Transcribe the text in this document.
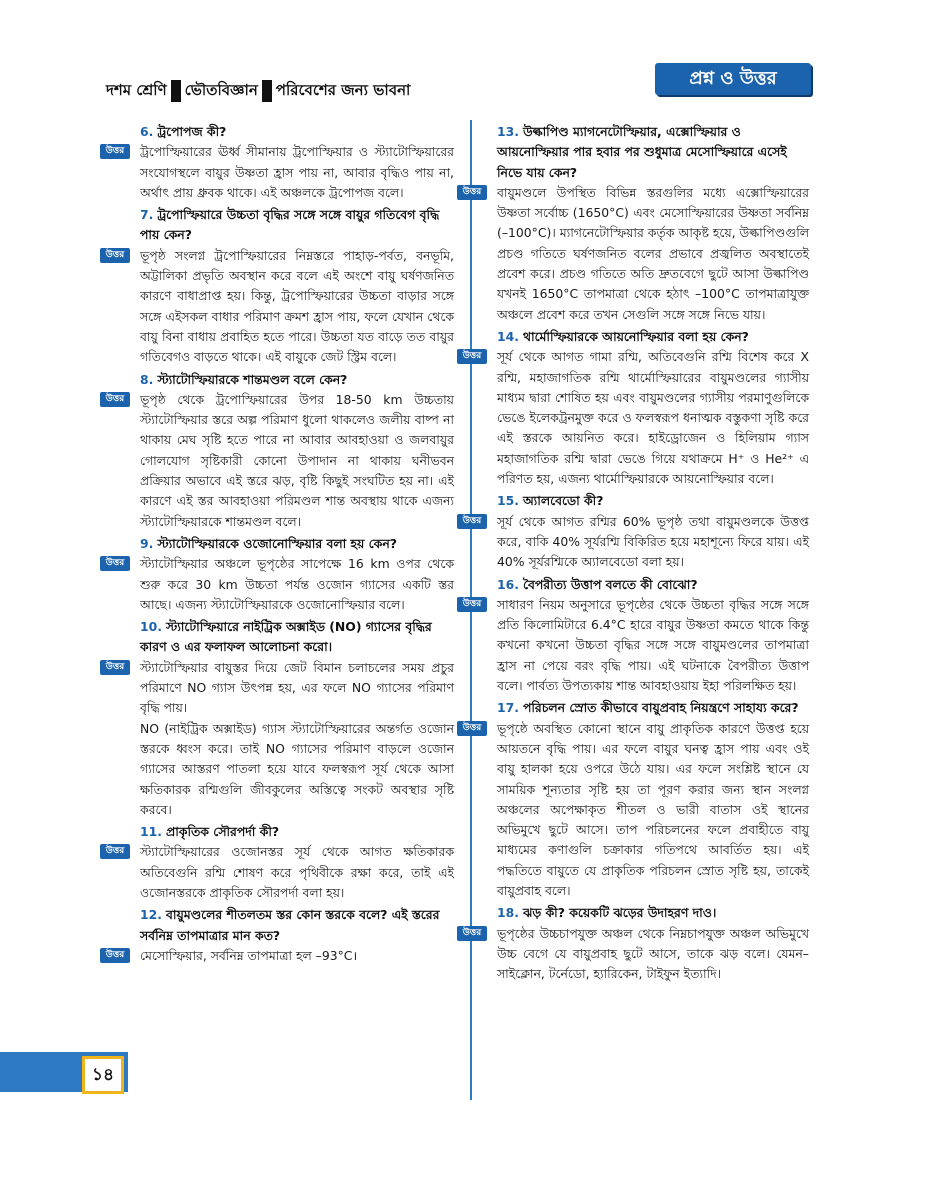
দশম শ্রেণি ভৌতবিজ্ঞান পরিবেশের জন্য ভাবনা
প্রশ্ন ও উত্তর
6. ট্রপোপজ কী?
উত্তর	ট্রপোস্ফিয়ারের ঊর্ধ্ব সীমানায় ট্রপোস্ফিয়ার ও স্ট্যাটোস্ফিয়ারের সংযোগস্থলে বায়ুর উষ্ণতা হ্রাস পায় না, আবার বৃদ্ধিও পায় না, অর্থাৎ প্রায় ধ্রুবক থাকে। এই অঞ্চলকে ট্রপোপজ বলে।

7. ট্রপোস্ফিয়ারে উচ্চতা বৃদ্ধির সঙ্গে সঙ্গে বায়ুর গতিবেগ বৃদ্ধি পায় কেন?
উত্তর	ভূপৃষ্ঠ সংলগ্ন ট্রপোস্ফিয়ারের নিম্নস্তরে পাহাড়-পর্বত, বনভূমি, অট্টালিকা প্রভৃতি অবস্থান করে বলে এই অংশে বায়ু ঘর্ষণজনিত কারণে বাধাপ্রাপ্ত হয়। কিন্তু, ট্রপোস্ফিয়ারের উচ্চতা বাড়ার সঙ্গে সঙ্গে এইসকল বাধার পরিমাণ ক্রমশ হ্রাস পায়, ফলে যেখান থেকে বায়ু বিনা বাধায় প্রবাহিত হতে পারে। উচ্চতা যত বাড়ে তত বায়ুর গতিবেগও বাড়তে থাকে। এই বায়ুকে জেট স্ট্রিম বলে।

8. স্ট্যাটোস্ফিয়ারকে শান্তমণ্ডল বলে কেন?
উত্তর	ভূপৃষ্ঠ থেকে ট্রপোস্ফিয়ারের উপর 18-50 km উচ্চতায় স্ট্যাটোস্ফিয়ার স্তরে অল্প পরিমাণ ধুলো থাকলেও জলীয় বাষ্প না থাকায় মেঘ সৃষ্টি হতে পারে না আবার আবহাওয়া ও জলবায়ুর গোলযোগ সৃষ্টিকারী কোনো উপাদান না থাকায় ঘনীভবন প্রক্রিয়ার অভাবে এই স্তরে ঝড়, বৃষ্টি কিছুই সংঘটিত হয় না। এই কারণে এই স্তর আবহাওয়া পরিমণ্ডল শান্ত অবস্থায় থাকে এজন্য স্ট্যাটোস্ফিয়ারকে শান্তমণ্ডল বলে।

9. স্ট্যাটোস্ফিয়ারকে ওজোনোস্ফিয়ার বলা হয় কেন?
উত্তর	স্ট্যাটোস্ফিয়ার অঞ্চলে ভূপৃষ্ঠের সাপেক্ষে 16 km ওপর থেকে শুরু করে 30 km উচ্চতা পর্যন্ত ওজোন গ্যাসের একটি স্তর আছে। এজন্য স্ট্যাটোস্ফিয়ারকে ওজোনোস্ফিয়ার বলে।

10. স্ট্যাটোস্ফিয়ারে নাইট্রিক অক্সাইড (NO) গ্যাসের বৃদ্ধির কারণ ও এর ফলাফল আলোচনা করো।
উত্তর	স্ট্যাটোস্ফিয়ার বায়ুস্তর দিয়ে জেট বিমান চলাচলের সময় প্রচুর পরিমাণে NO গ্যাস উৎপন্ন হয়, এর ফলে NO গ্যাসের পরিমাণ বৃদ্ধি পায়।

NO (নাইট্রিক অক্সাইড) গ্যাস স্ট্যাটোস্ফিয়ারের অন্তর্গত ওজোন স্তরকে ধ্বংস করে। তাই NO গ্যাসের পরিমাণ বাড়লে ওজোন গ্যাসের আস্তরণ পাতলা হয়ে যাবে ফলস্বরূপ সূর্য থেকে আসা ক্ষতিকারক রশ্মিগুলি জীবকুলের অস্তিত্বে সংকট অবস্থার সৃষ্টি করবে।

11. প্রাকৃতিক সৌরপর্দা কী?
উত্তর	স্ট্যাটোস্ফিয়ারের ওজোনস্তর সূর্য থেকে আগত ক্ষতিকারক অতিবেগুনি রশ্মি শোষণ করে পৃথিবীকে রক্ষা করে, তাই এই ওজোনস্তরকে প্রাকৃতিক সৌরপর্দা বলা হয়।

12. বায়ুমণ্ডলের শীতলতম স্তর কোন স্তরকে বলে? এই স্তরের সর্বনিম্ন তাপমাত্রার মান কত?
উত্তর	মেসোস্ফিয়ার, সর্বনিম্ন তাপমাত্রা হল –93°C।

13. উল্কাপিণ্ড ম্যাগনেটোস্ফিয়ার, এক্সোস্ফিয়ার ও আয়নোস্ফিয়ার পার হবার পর শুধুমাত্র মেসোস্ফিয়ারে এসেই নিভে যায় কেন?
উত্তর	বায়ুমণ্ডলে উপস্থিত বিভিন্ন স্তরগুলির মধ্যে এক্সোস্ফিয়ারের উষ্ণতা সর্বোচ্চ (1650°C) এবং মেসোস্ফিয়ারের উষ্ণতা সর্বনিম্ন (–100°C)। ম্যাগনেটোস্ফিয়ার কর্তৃক আকৃষ্ট হয়ে, উল্কাপিণ্ডগুলি প্রচণ্ড গতিতে ঘর্ষণজনিত বলের প্রভাবে প্রজ্বলিত অবস্থাতেই প্রবেশ করে। প্রচণ্ড গতিতে অতি দ্রুতবেগে ছুটে আসা উল্কাপিণ্ড যখনই 1650°C তাপমাত্রা থেকে হঠাৎ –100°C তাপমাত্রাযুক্ত অঞ্চলে প্রবেশ করে তখন সেগুলি সঙ্গে সঙ্গে নিভে যায়।

14. থার্মোস্ফিয়ারকে আয়নোস্ফিয়ার বলা হয় কেন?
উত্তর	সূর্য থেকে আগত গামা রশ্মি, অতিবেগুনি রশ্মি বিশেষ করে X রশ্মি, মহাজাগতিক রশ্মি থার্মোস্ফিয়ারের বায়ুমণ্ডলের গ্যাসীয় মাধ্যম দ্বারা শোষিত হয় এবং বায়ুমণ্ডলের গ্যাসীয় পরমাণুগুলিকে ভেঙে ইলেকট্রনমুক্ত করে ও ফলস্বরূপ ধনাত্মক বস্তুকণা সৃষ্টি করে এই স্তরকে আয়নিত করে। হাইড্রোজেন ও হিলিয়াম গ্যাস মহাজাগতিক রশ্মি দ্বারা ভেঙে গিয়ে যথাক্রমে H⁺ ও He²⁺ এ পরিণত হয়, এজন্য থার্মোস্ফিয়ারকে আয়নোস্ফিয়ার বলে।

15. অ্যালবেডো কী?
উত্তর	সূর্য থেকে আগত রশ্মির 60% ভূপৃষ্ঠ তথা বায়ুমণ্ডলকে উত্তপ্ত করে, বাকি 40% সূর্যরশ্মি বিকিরিত হয়ে মহাশূন্যে ফিরে যায়। এই 40% সূর্যরশ্মিকে অ্যালবেডো বলা হয়।

16. বৈপরীত্য উত্তাপ বলতে কী বোঝো?
উত্তর	সাধারণ নিয়ম অনুসারে ভূপৃষ্ঠের থেকে উচ্চতা বৃদ্ধির সঙ্গে সঙ্গে প্রতি কিলোমিটারে 6.4°C হারে বায়ুর উষ্ণতা কমতে থাকে কিন্তু কখনো কখনো উচ্চতা বৃদ্ধির সঙ্গে সঙ্গে বায়ুমণ্ডলের তাপমাত্রা হ্রাস না পেয়ে বরং বৃদ্ধি পায়। এই ঘটনাকে বৈপরীত্য উত্তাপ বলে। পার্বত্য উপত্যকায় শান্ত আবহাওয়ায় ইহা পরিলক্ষিত হয়।

17. পরিচলন স্রোত কীভাবে বায়ুপ্রবাহ নিয়ন্ত্রণে সাহায্য করে?
উত্তর	ভূপৃষ্ঠে অবস্থিত কোনো স্থানে বায়ু প্রাকৃতিক কারণে উত্তপ্ত হয়ে আয়তনে বৃদ্ধি পায়। এর ফলে বায়ুর ঘনত্ব হ্রাস পায় এবং ওই বায়ু হালকা হয়ে ওপরে উঠে যায়। এর ফলে সংশ্লিষ্ট স্থানে যে সাময়িক শূন্যতার সৃষ্টি হয় তা পূরণ করার জন্য স্থান সংলগ্ন অঞ্চলের অপেক্ষাকৃত শীতল ও ভারী বাতাস ওই স্থানের অভিমুখে ছুটে আসে। তাপ পরিচলনের ফলে প্রবাহীতে বায়ু মাধ্যমের কণাগুলি চক্রাকার গতিপথে আবর্তিত হয়। এই পদ্ধতিতে বায়ুতে যে প্রাকৃতিক পরিচলন স্রোত সৃষ্টি হয়, তাকেই বায়ুপ্রবাহ বলে।

18. ঝড় কী? কয়েকটি ঝড়ের উদাহরণ দাও।
উত্তর	ভূপৃষ্ঠের উচ্চচাপযুক্ত অঞ্চল থেকে নিম্নচাপযুক্ত অঞ্চল অভিমুখে উচ্চ বেগে যে বায়ুপ্রবাহ ছুটে আসে, তাকে ঝড় বলে। যেমন– সাইক্লোন, টর্নেডো, হ্যারিকেন, টাইফুন ইত্যাদি।

১৪
